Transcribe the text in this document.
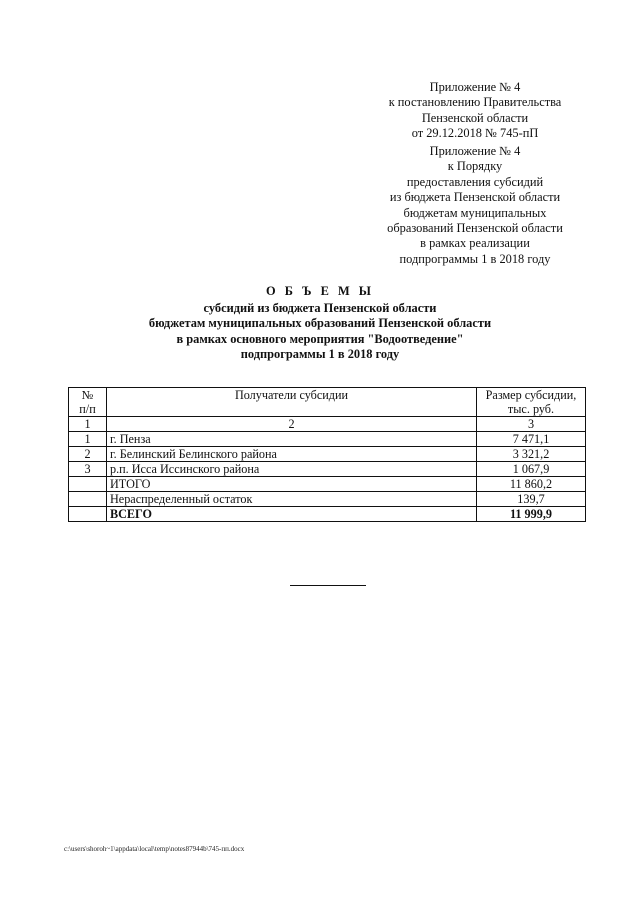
Приложение № 4
к постановлению Правительства
Пензенской области
от 29.12.2018 № 745-пП
Приложение № 4
к Порядку
предоставления субсидий
из бюджета Пензенской области
бюджетам муниципальных
образований Пензенской области
в рамках реализации
подпрограммы 1 в 2018 году
О Б Ъ Е М Ы
субсидий из бюджета Пензенской области
бюджетам муниципальных образований Пензенской области
в рамках основного мероприятия "Водоотведение"
подпрограммы 1 в 2018 году
№
п/п	Получатели субсидии	Размер субсидии,
тыс. руб.
1	2	3
1	г. Пенза	7 471,1
2	г. Белинский Белинского района	3 321,2
3	р.п. Исса Иссинского района	1 067,9
	ИТОГО	11 860,2
	Нераспределенный остаток	139,7
	ВСЕГО	11 999,9
c:\users\shoroh~1\appdata\local\temp\notes87944b\745-пп.docx
